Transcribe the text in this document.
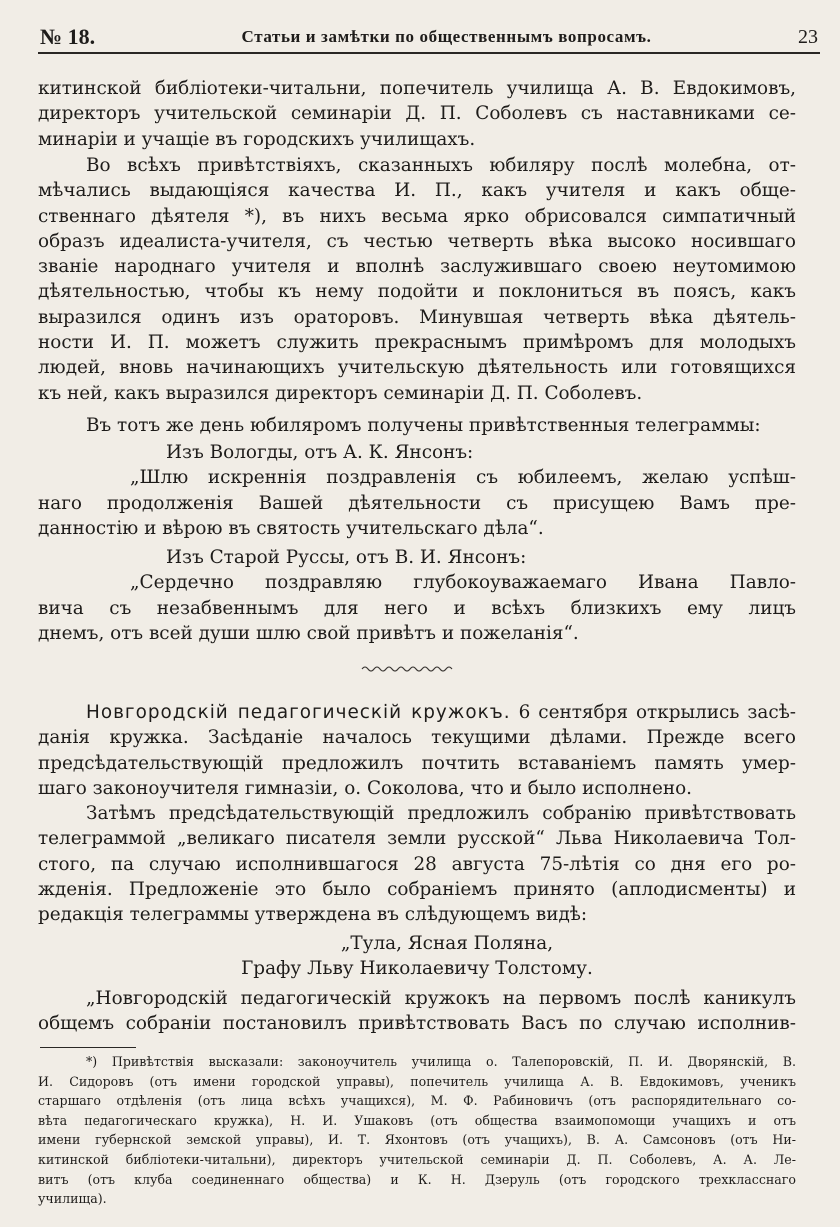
№ 18.	Статьи и замѣтки по общественнымъ вопросамъ.	23
китинской библіотеки-читальни, попечитель училища А. В. Евдокимовъ,
директоръ учительской семинаріи Д. П. Соболевъ съ наставниками се-
минаріи и учащіе въ городскихъ училищахъ.
Во всѣхъ привѣтствіяхъ, сказанныхъ юбиляру послѣ молебна, от-
мѣчались выдающіяся качества И. П., какъ учителя и какъ обще-
ственнаго дѣятеля *), въ нихъ весьма ярко обрисовался симпатичный
образъ идеалиста-учителя, съ честью четверть вѣка высоко носившаго
званіе народнаго учителя и вполнѣ заслужившаго своею неутомимою
дѣятельностью, чтобы къ нему подойти и поклониться въ поясъ, какъ
выразился одинъ изъ ораторовъ. Минувшая четверть вѣка дѣятель-
ности И. П. можетъ служить прекраснымъ примѣромъ для молодыхъ
людей, вновь начинающихъ учительскую дѣятельность или готовящихся
къ ней, какъ выразился директоръ семинаріи Д. П. Соболевъ.
Въ тотъ же день юбиляромъ получены привѣтственныя телеграммы:
Изъ Вологды, отъ А. К. Янсонъ:
„Шлю искреннія поздравленія съ юбилеемъ, желаю успѣш-
наго продолженія Вашей дѣятельности съ присущею Вамъ пре-
данностію и вѣрою въ святость учительскаго дѣла“.
Изъ Старой Руссы, отъ В. И. Янсонъ:
„Сердечно поздравляю глубокоуважаемаго Ивана Павло-
вича съ незабвеннымъ для него и всѣхъ близкихъ ему лицъ
днемъ, отъ всей души шлю свой привѣтъ и пожеланія“.
Новгородскій педагогическій кружокъ. 6 сентября открылись засѣ-
данія кружка. Засѣданіе началось текущими дѣлами. Прежде всего
предсѣдательствующій предложилъ почтить вставаніемъ память умер-
шаго законоучителя гимназіи, о. Соколова, что и было исполнено.
Затѣмъ предсѣдательствующій предложилъ собранію привѣтствовать
телеграммой „великаго писателя земли русской“ Льва Николаевича Тол-
стого, па случаю исполнившагося 28 августа 75-лѣтія со дня его ро-
жденія. Предложеніе это было собраніемъ принято (аплодисменты) и
редакція телеграммы утверждена въ слѣдующемъ видѣ:
„Тула, Ясная Поляна,
Графу Льву Николаевичу Толстому.
„Новгородскій педагогическій кружокъ на первомъ послѣ каникулъ
общемъ собраніи постановилъ привѣтствовать Васъ по случаю исполнив-
*) Привѣтствія высказали: законоучитель училища о. Талепоровскій, П. И. Дворянскій, В.
И. Сидоровъ (отъ имени городской управы), попечитель училища А. В. Евдокимовъ, ученикъ
старшаго отдѣленія (отъ лица всѣхъ учащихся), М. Ф. Рабиновичъ (отъ распорядительнаго со-
вѣта педагогическаго кружка), Н. И. Ушаковъ (отъ общества взаимопомощи учащихъ и отъ
имени губернской земской управы), И. Т. Яхонтовъ (отъ учащихъ), В. А. Самсоновъ (отъ Ни-
китинской библіотеки-читальни), директоръ учительской семинаріи Д. П. Соболевъ, А. А. Ле-
витъ (отъ клуба соединеннаго общества) и К. Н. Дзеруль (отъ городского трехкласснаго
училища).
